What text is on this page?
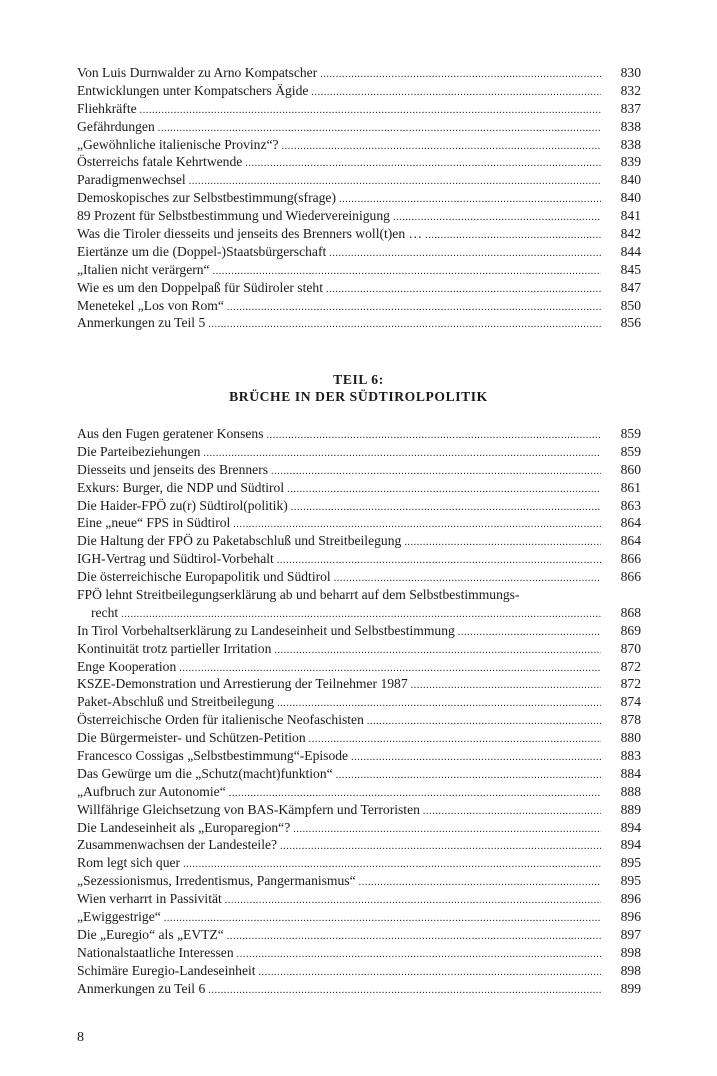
Von Luis Durnwalder zu Arno Kompatscher .....	830
Entwicklungen unter Kompatschers Ägide .....	832
Fliehkräfte .....	837
Gefährdungen .....	838
„Gewöhnliche italienische Provinz“? .....	838
Österreichs fatale Kehrtwende .....	839
Paradigmenwechsel .....	840
Demoskopisches zur Selbstbestimmung(sfrage) .....	840
89 Prozent für Selbstbestimmung und Wiedervereinigung .....	841
Was die Tiroler diesseits und jenseits des Brenners woll(t)en … .....	842
Eiertänze um die (Doppel-)Staatsbürgerschaft .....	844
„Italien nicht verärgern“ .....	845
Wie es um den Doppelpaß für Südiroler steht .....	847
Menetekel „Los von Rom“ .....	850
Anmerkungen zu Teil 5 .....	856
TEIL 6:
BRÜCHE IN DER SÜDTIROLPOLITIK
Aus den Fugen geratener Konsens .....	859
Die Parteibeziehungen .....	859
Diesseits und jenseits des Brenners .....	860
Exkurs: Burger, die NDP und Südtirol .....	861
Die Haider-FPÖ zu(r) Südtirol(politik) .....	863
Eine „neue“ FPS in Südtirol .....	864
Die Haltung der FPÖ zu Paketabschluß und Streitbeilegung .....	864
IGH-Vertrag und Südtirol-Vorbehalt .....	866
Die österreichische Europapolitik und Südtirol .....	866
FPÖ lehnt Streitbeilegungserklärung ab und beharrt auf dem Selbstbestimmungs-
recht .....	868
In Tirol Vorbehaltserklärung zu Landeseinheit und Selbstbestimmung .....	869
Kontinuität trotz partieller Irritation .....	870
Enge Kooperation .....	872
KSZE-Demonstration und Arrestierung der Teilnehmer 1987 .....	872
Paket-Abschluß und Streitbeilegung .....	874
Österreichische Orden für italienische Neofaschisten .....	878
Die Bürgermeister- und Schützen-Petition .....	880
Francesco Cossigas „Selbstbestimmung“-Episode .....	883
Das Gewürge um die „Schutz(macht)funktion“ .....	884
„Aufbruch zur Autonomie“ .....	888
Willfährige Gleichsetzung von BAS-Kämpfern und Terroristen .....	889
Die Landeseinheit als „Europaregion“? .....	894
Zusammenwachsen der Landesteile? .....	894
Rom legt sich quer .....	895
„Sezessionismus, Irredentismus, Pangermanismus“ .....	895
Wien verharrt in Passivität .....	896
„Ewiggestrige“ .....	896
Die „Euregio“ als „EVTZ“ .....	897
Nationalstaatliche Interessen .....	898
Schimäre Euregio-Landeseinheit .....	898
Anmerkungen zu Teil 6 .....	899
8
